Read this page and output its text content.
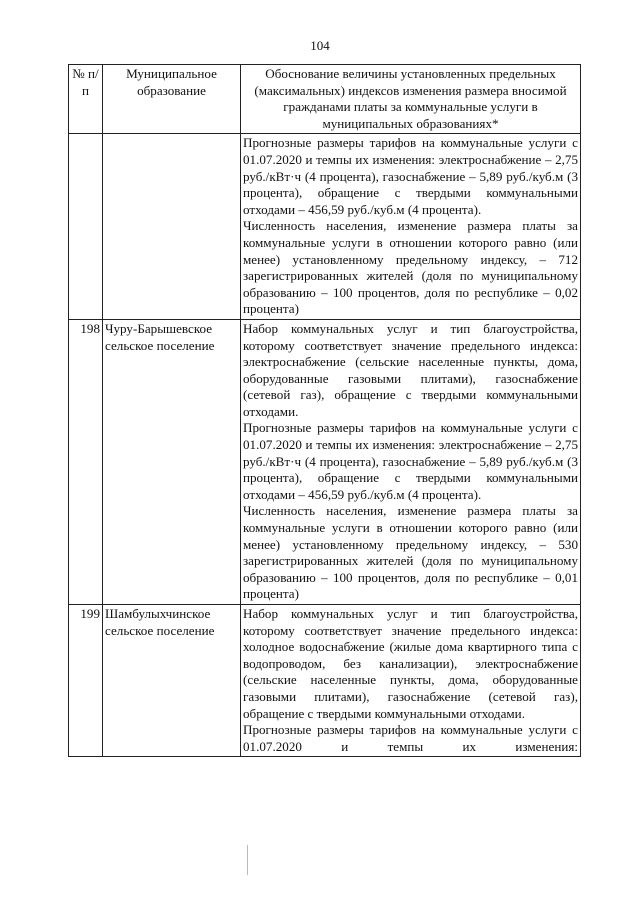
104
№ п/п	Муниципальное образование	Обоснование величины установленных предельных (максимальных) индексов изменения размера вносимой гражданами платы за коммунальные услуги в муниципальных образованиях*

		Прогнозные размеры тарифов на коммунальные услуги с 01.07.2020 и темпы их изменения: электроснабжение – 2,75 руб./кВт·ч (4 процента), газоснабжение – 5,89 руб./куб.м (3 процента), обращение с твердыми коммунальными отходами – 456,59 руб./куб.м (4 процента).

Численность населения, изменение размера платы за коммунальные услуги в отношении которого равно (или менее) установленному предельному индексу, – 712 зарегистрированных жителей (доля по муниципальному образованию – 100 процентов, доля по республике – 0,02 процента)

198	Чуру-Барышевское сельское поселение	Набор коммунальных услуг и тип благоустройства, которому соответствует значение предельного индекса: электроснабжение (сельские населенные пункты, дома, оборудованные газовыми плитами), газоснабжение (сетевой газ), обращение с твердыми коммунальными отходами.

Прогнозные размеры тарифов на коммунальные услуги с 01.07.2020 и темпы их изменения: электроснабжение – 2,75 руб./кВт·ч (4 процента), газоснабжение – 5,89 руб./куб.м (3 процента), обращение с твердыми коммунальными отходами – 456,59 руб./куб.м (4 процента).

Численность населения, изменение размера платы за коммунальные услуги в отношении которого равно (или менее) установленному предельному индексу, – 530 зарегистрированных жителей (доля по муниципальному образованию – 100 процентов, доля по республике – 0,01 процента)

199	Шамбулыхчинское сельское поселение	Набор коммунальных услуг и тип благоустройства, которому соответствует значение предельного индекса: холодное водоснабжение (жилые дома квартирного типа с водопроводом, без канализации), электроснабжение (сельские населенные пункты, дома, оборудованные газовыми плитами), газоснабжение (сетевой газ), обращение с твердыми коммунальными отходами.

Прогнозные размеры тарифов на коммунальные услуги с 01.07.2020 и темпы их изменения:
